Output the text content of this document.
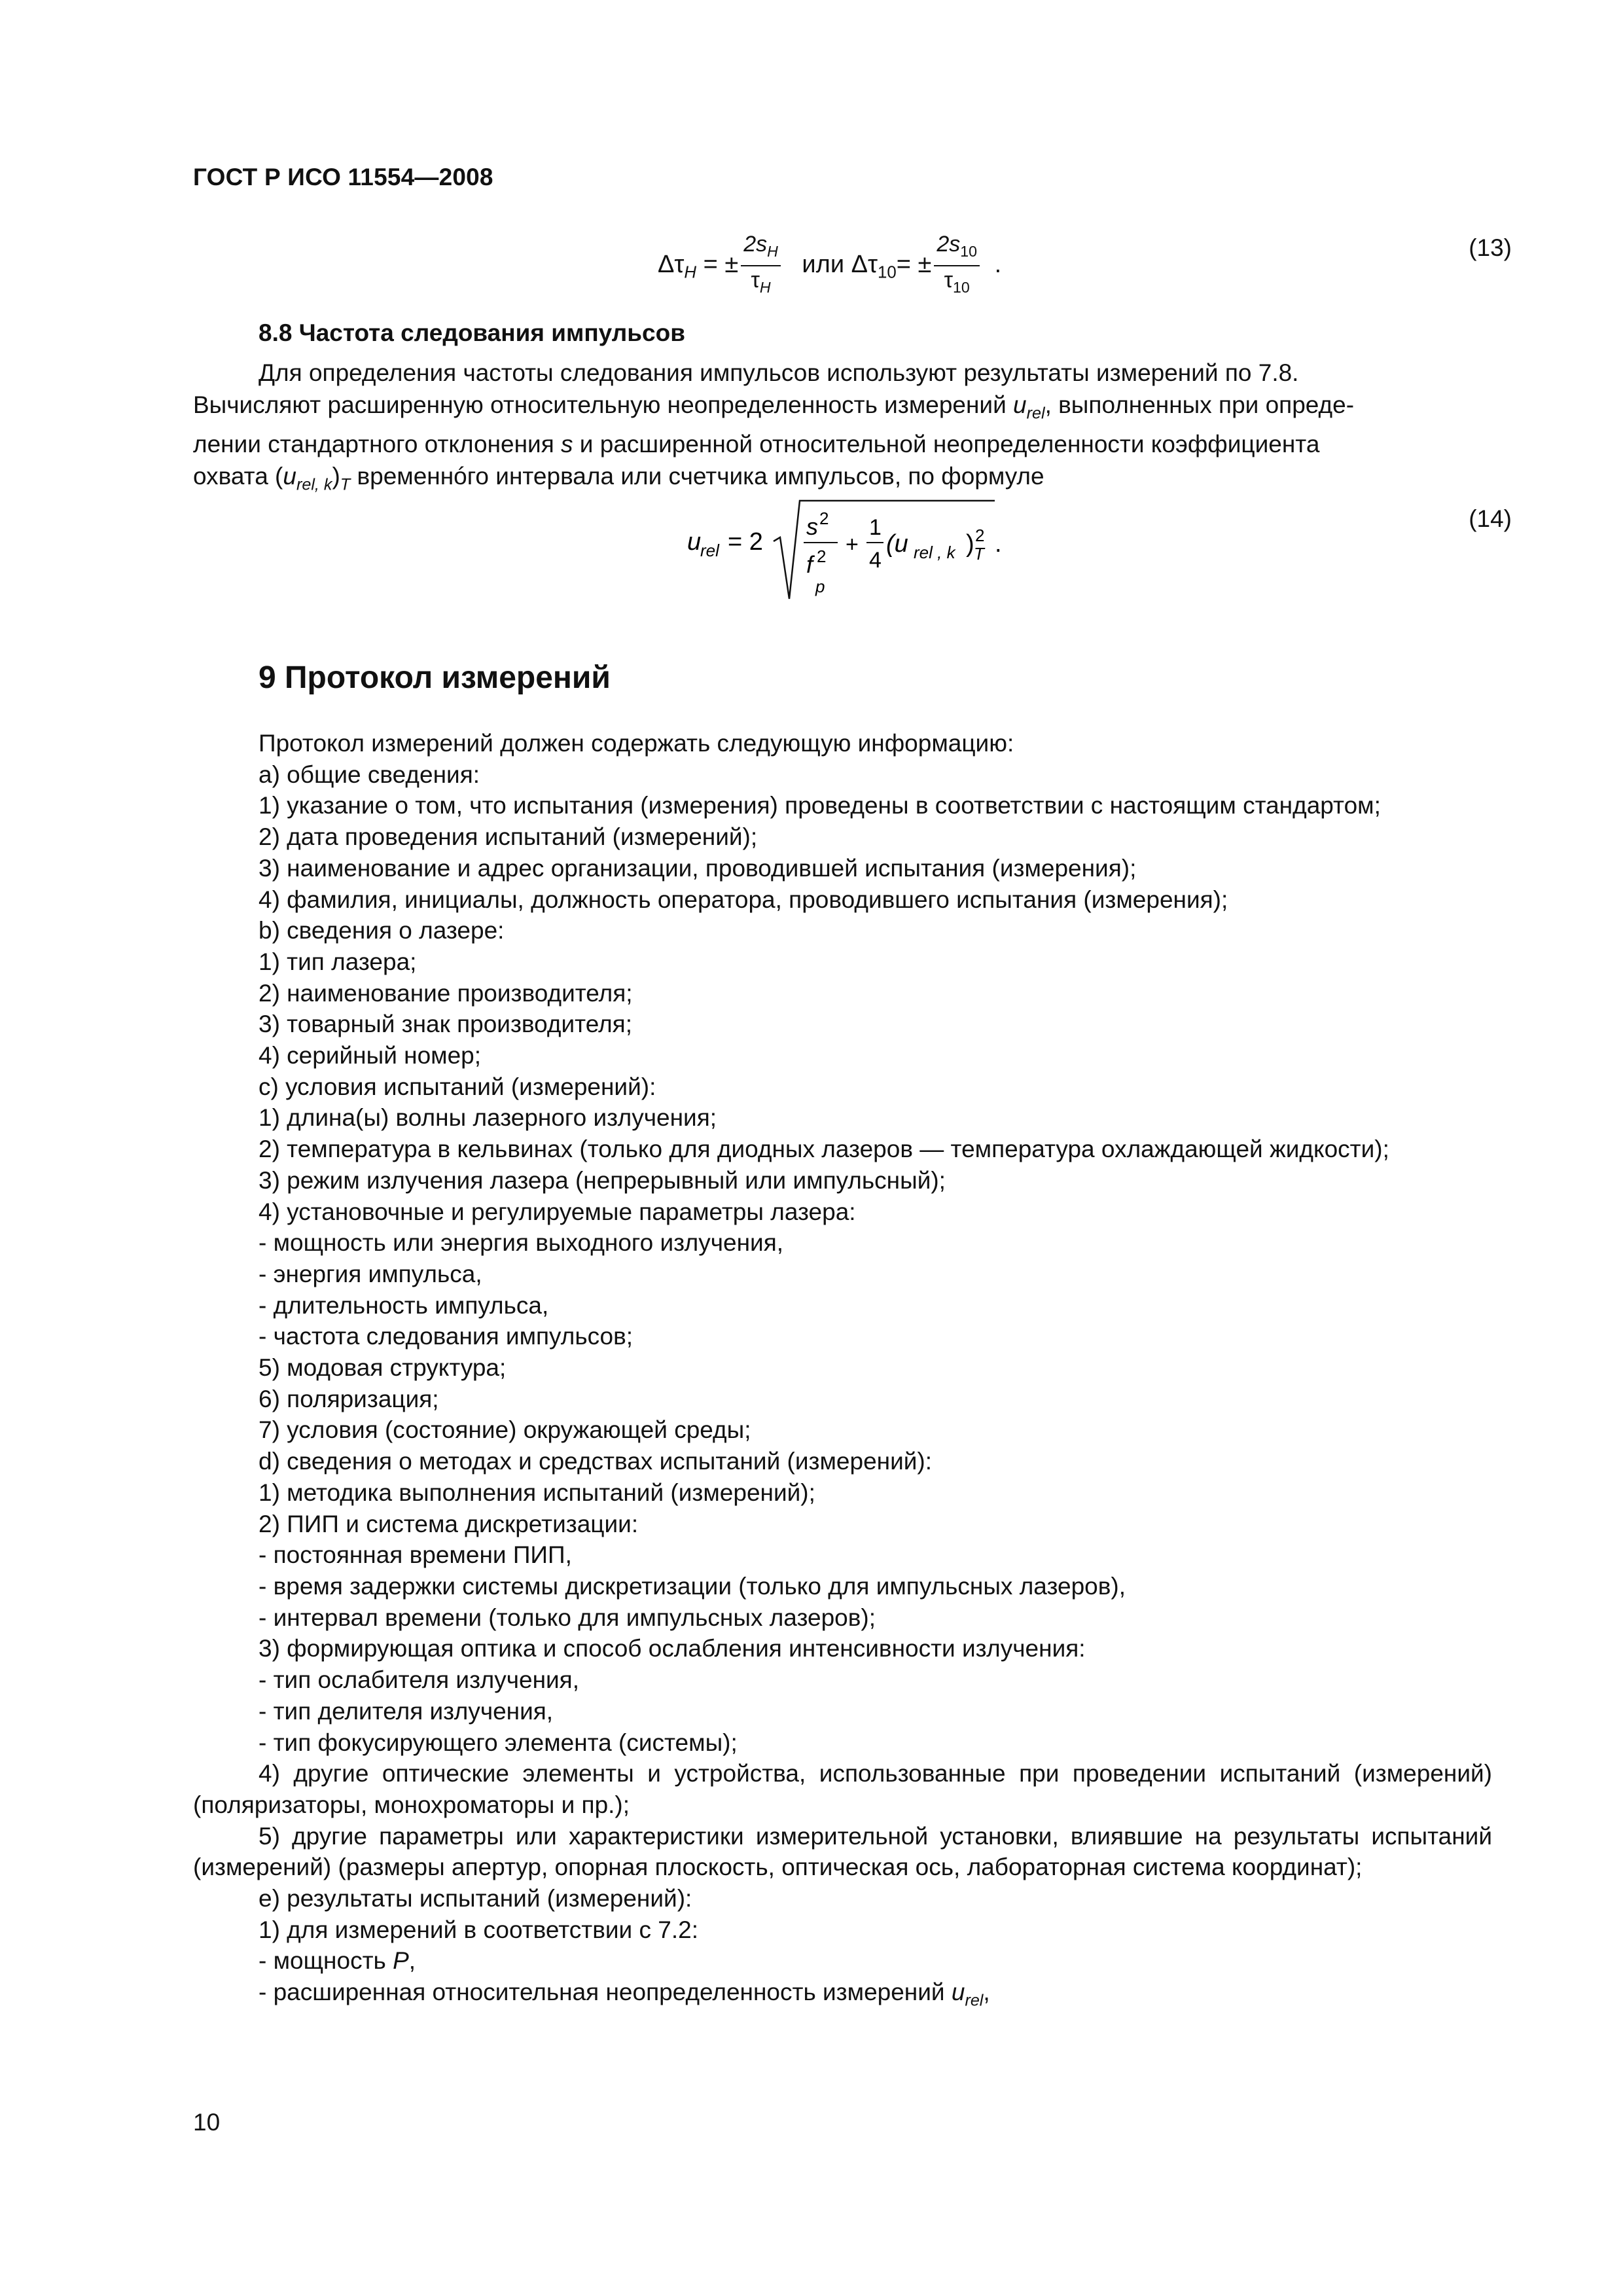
ГОСТ Р ИСО 11554—2008
$\Delta\tau_H$ = ± $\frac{2s_H}{\tau_H}$ или $\Delta\tau_{10}= \pm \frac{2s_{10}}{\tau_{10}}$ .
(13)
8.8 Частота следования импульсов

Для определения частоты следования импульсов используют результаты измерений по 7.8.

Вычисляют расширенную относительную неопределенность измерений $u_{rel}$, выполненных при опреде-

лении стандартного отклонения s и расширенной относительной неопределенности коэффициента

охвата $(u_{rel, k})_T$ временнóго интервала или счетчика импульсов, по формуле

u
rel = 2
s 2
f 2
p
+
1
4
(u rel , k ) 2
T .
(14)
9 Протокол измерений
Протокол измерений должен содержать следующую информацию:
a) общие сведения:
1) указание о том, что испытания (измерения) проведены в соответствии с настоящим стандартом;
2) дата проведения испытаний (измерений);
3) наименование и адрес организации, проводившей испытания (измерения);
4) фамилия, инициалы, должность оператора, проводившего испытания (измерения);
b) сведения о лазере:
1) тип лазера;
2) наименование производителя;
3) товарный знак производителя;
4) серийный номер;
c) условия испытаний (измерений):
1) длина(ы) волны лазерного излучения;
2) температура в кельвинах (только для диодных лазеров — температура охлаждающей жидкости);
3) режим излучения лазера (непрерывный или импульсный);
4) установочные и регулируемые параметры лазера:
- мощность или энергия выходного излучения,
- энергия импульса,
- длительность импульса,
- частота следования импульсов;
5) модовая структура;
6) поляризация;
7) условия (состояние) окружающей среды;
d) сведения о методах и средствах испытаний (измерений):
1) методика выполнения испытаний (измерений);
2) ПИП и система дискретизации:
- постоянная времени ПИП,
- время задержки системы дискретизации (только для импульсных лазеров),
- интервал времени (только для импульсных лазеров);
3) формирующая оптика и способ ослабления интенсивности излучения:
- тип ослабителя излучения,
- тип делителя излучения,
- тип фокусирующего элемента (системы);
4) другие оптические элементы и устройства, использованные при проведении испытаний (измерений) (поляризаторы, монохроматоры и пр.);
5) другие параметры или характеристики измерительной установки, влиявшие на результаты испытаний (измерений) (размеры апертур, опорная плоскость, оптическая ось, лабораторная система координат);
e) результаты испытаний (измерений):
1) для измерений в соответствии с 7.2:
- мощность P,
- расширенная относительная неопределенность измерений $u_{rel}$,
10
